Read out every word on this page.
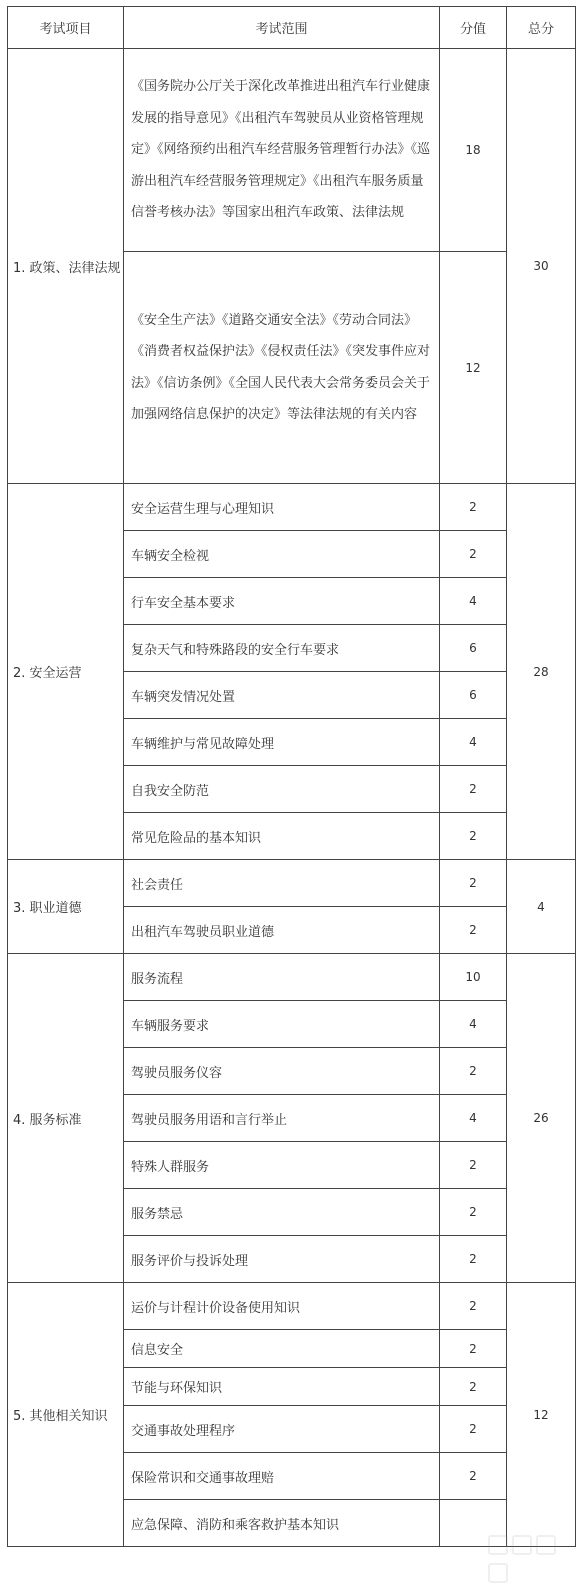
考试项目	考试范围	分值	总分
1. 政策、法律法规	《国务院办公厅关于深化改革推进出租汽车行业健康发展的指导意见》《出租汽车驾驶员从业资格管理规定》《网络预约出租汽车经营服务管理暂行办法》《巡游出租汽车经营服务管理规定》《出租汽车服务质量信誉考核办法》等国家出租汽车政策、法律法规	18	30
	《安全生产法》《道路交通安全法》《劳动合同法》《消费者权益保护法》《侵权责任法》《突发事件应对法》《信访条例》《全国人民代表大会常务委员会关于加强网络信息保护的决定》等法律法规的有关内容	12	
2. 安全运营	安全运营生理与心理知识	2	28
	车辆安全检视	2	
	行车安全基本要求	4	
	复杂天气和特殊路段的安全行车要求	6	
	车辆突发情况处置	6	
	车辆维护与常见故障处理	4	
	自我安全防范	2	
	常见危险品的基本知识	2	
3. 职业道德	社会责任	2	4
	出租汽车驾驶员职业道德	2	
4. 服务标准	服务流程	10	26
	车辆服务要求	4	
	驾驶员服务仪容	2	
	驾驶员服务用语和言行举止	4	
	特殊人群服务	2	
	服务禁忌	2	
	服务评价与投诉处理	2	
5. 其他相关知识	运价与计程计价设备使用知识	2	12
	信息安全	2	
	节能与环保知识	2	
	交通事故处理程序	2	
	保险常识和交通事故理赔	2	
	应急保障、消防和乘客救护基本知识		
